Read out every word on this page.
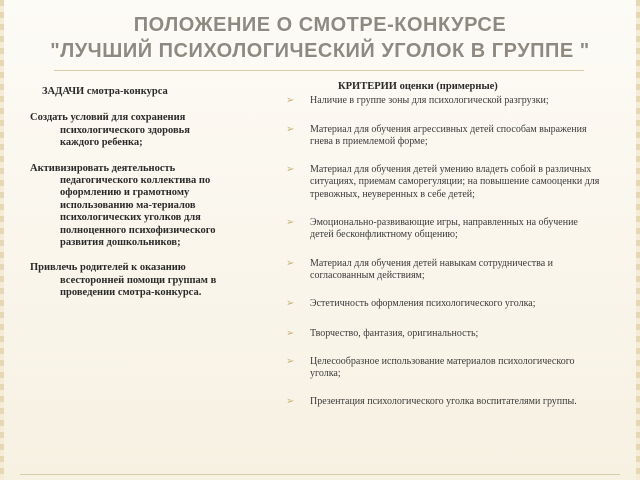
ПОЛОЖЕНИЕ О СМОТРЕ-КОНКУРСЕ
"ЛУЧШИЙ ПСИХОЛОГИЧЕСКИЙ УГОЛОК В ГРУППЕ "
ЗАДАЧИ смотра-конкурса
Создать условий для сохранения психологического здоровья каждого ребенка;
Активизировать деятельность педагогического коллектива по оформлению и грамотному использованию ма-териалов психологических уголков для полноценного психофизического развития дошкольников;
Привлечь родителей к оказанию всесторонней помощи группам в проведении смотра-конкурса.
КРИТЕРИИ оценки (примерные)
➢ Наличие в группе зоны для психологической разгрузки;
➢ Материал для обучения агрессивных детей способам выражения гнева в приемлемой форме;
➢ Материал для обучения детей умению владеть собой в различных ситуациях, приемам саморегуляции; на повышение самооценки для тревожных, неуверенных в себе детей;
➢ Эмоционально-развивающие игры, направленных на обучение детей бесконфликтному общению;
➢ Материал для обучения детей навыкам сотрудничества и согласованным действиям;
➢ Эстетичность оформления психологического уголка;
➢ Творчество, фантазия, оригинальность;
➢ Целесообразное использование материалов психологического уголка;
➢ Презентация психологического уголка воспитателями группы.
